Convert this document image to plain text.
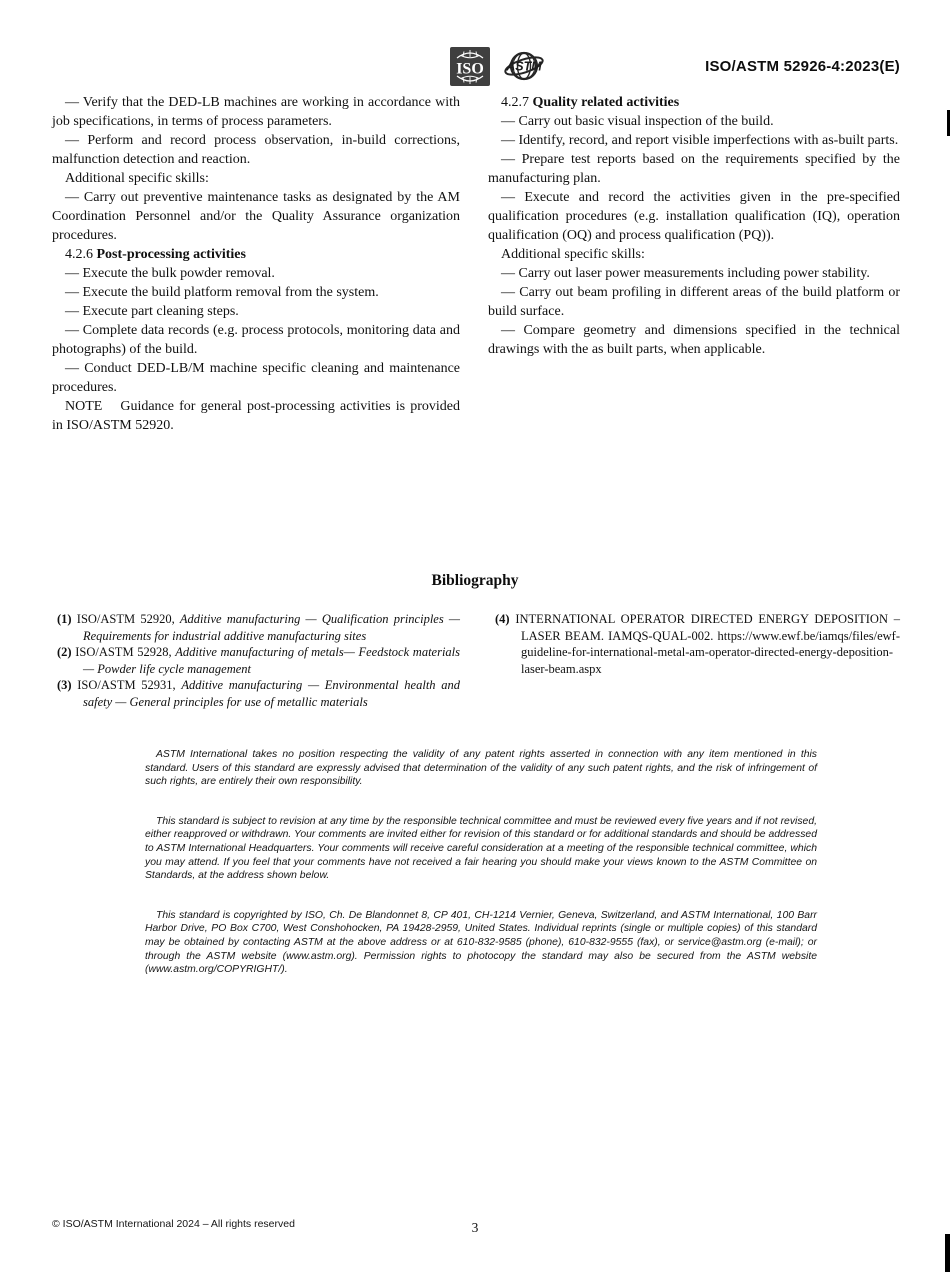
ISO ASTM	ISO/ASTM 52926-4:2023(E)

— Verify that the DED-LB machines are working in accordance with job specifications, in terms of process parameters.

— Perform and record process observation, in-build corrections, malfunction detection and reaction.

Additional specific skills:

— Carry out preventive maintenance tasks as designated by the AM Coordination Personnel and/or the Quality Assurance organization procedures.

4.2.6 Post-processing activities

— Execute the bulk powder removal.

— Execute the build platform removal from the system.

— Execute part cleaning steps.

— Complete data records (e.g. process protocols, monitoring data and photographs) of the build.

— Conduct DED-LB/M machine specific cleaning and maintenance procedures.

NOTE Guidance for general post-processing activities is provided in ISO/ASTM 52920.

4.2.7 Quality related activities

— Carry out basic visual inspection of the build.

— Identify, record, and report visible imperfections with as-built parts.

— Prepare test reports based on the requirements specified by the manufacturing plan.

— Execute and record the activities given in the pre-specified qualification procedures (e.g. installation qualification (IQ), operation qualification (OQ) and process qualification (PQ)).

Additional specific skills:

— Carry out laser power measurements including power stability.

— Carry out beam profiling in different areas of the build platform or build surface.

— Compare geometry and dimensions specified in the technical drawings with the as built parts, when applicable.

Bibliography

(1) ISO/ASTM 52920, Additive manufacturing — Qualification principles — Requirements for industrial additive manufacturing sites

(2) ISO/ASTM 52928, Additive manufacturing of metals— Feedstock materials — Powder life cycle management

(3) ISO/ASTM 52931, Additive manufacturing — Environmental health and safety — General principles for use of metallic materials

(4) INTERNATIONAL OPERATOR DIRECTED ENERGY DEPOSITION – LASER BEAM. IAMQS-QUAL-002. https://www.ewf.be/iamqs/files/ewf-guideline-for-international-metal-am-operator-directed-energy-deposition-laser-beam.aspx

ASTM International takes no position respecting the validity of any patent rights asserted in connection with any item mentioned in this standard. Users of this standard are expressly advised that determination of the validity of any such patent rights, and the risk of infringement of such rights, are entirely their own responsibility.

This standard is subject to revision at any time by the responsible technical committee and must be reviewed every five years and if not revised, either reapproved or withdrawn. Your comments are invited either for revision of this standard or for additional standards and should be addressed to ASTM International Headquarters. Your comments will receive careful consideration at a meeting of the responsible technical committee, which you may attend. If you feel that your comments have not received a fair hearing you should make your views known to the ASTM Committee on Standards, at the address shown below.

This standard is copyrighted by ISO, Ch. De Blandonnet 8, CP 401, CH-1214 Vernier, Geneva, Switzerland, and ASTM International, 100 Barr Harbor Drive, PO Box C700, West Conshohocken, PA 19428-2959, United States. Individual reprints (single or multiple copies) of this standard may be obtained by contacting ASTM at the above address or at 610-832-9585 (phone), 610-832-9555 (fax), or service@astm.org (e-mail); or through the ASTM website (www.astm.org). Permission rights to photocopy the standard may also be secured from the ASTM website (www.astm.org/COPYRIGHT/).

© ISO/ASTM International 2024 – All rights reserved	3
